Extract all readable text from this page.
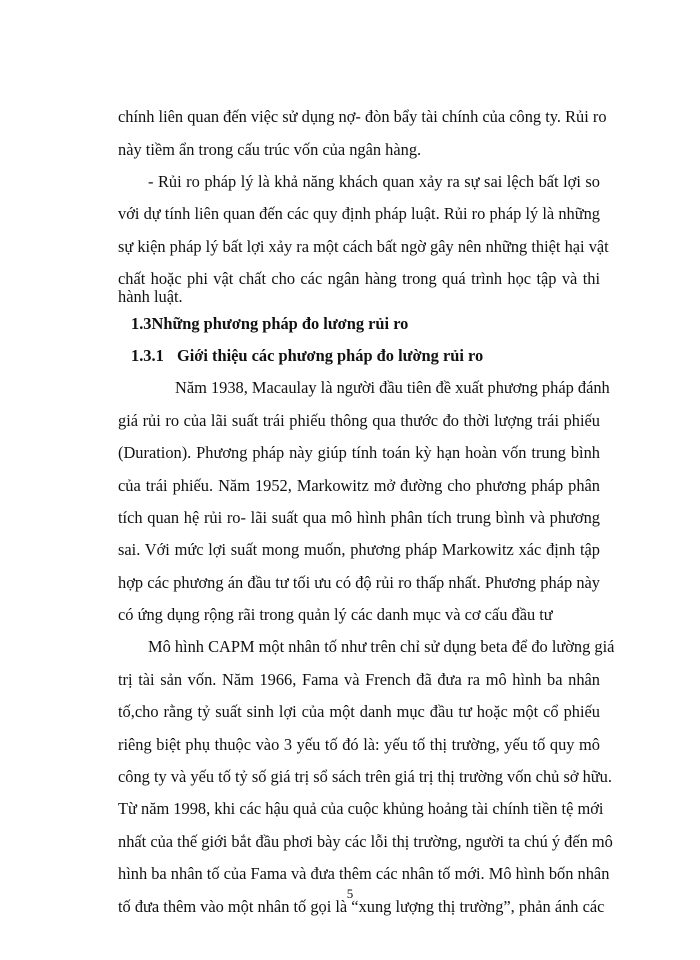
chính liên quan đến việc sử dụng nợ- đòn bẩy tài chính của công ty. Rủi ro
này tiềm ẩn trong cấu trúc vốn của ngân hàng.
- Rủi ro pháp lý là khả năng khách quan xảy ra sự sai lệch bất lợi so
với dự tính liên quan đến các quy định pháp luật. Rủi ro pháp lý là những
sự kiện pháp lý bất lợi xảy ra một cách bất ngờ gây nên những thiệt hại vật
chất hoặc phi vật chất cho các ngân hàng trong quá trình học tập và thi
hành luật.
1.3Những phương pháp đo lương rủi ro
1.3.1 Giới thiệu các phương pháp đo lường rủi ro
Năm 1938, Macaulay là người đầu tiên đề xuất phương pháp đánh
giá rủi ro của lãi suất trái phiếu thông qua thước đo thời lượng trái phiếu
(Duration). Phương pháp này giúp tính toán kỳ hạn hoàn vốn trung bình
của trái phiếu. Năm 1952, Markowitz mở đường cho phương pháp phân
tích quan hệ rủi ro- lãi suất qua mô hình phân tích trung bình và phương
sai. Với mức lợi suất mong muốn, phương pháp Markowitz xác định tập
hợp các phương án đầu tư tối ưu có độ rủi ro thấp nhất. Phương pháp này
có ứng dụng rộng rãi trong quản lý các danh mục và cơ cấu đầu tư
Mô hình CAPM một nhân tố như trên chỉ sử dụng beta để đo lường giá
trị tài sản vốn. Năm 1966, Fama và French đã đưa ra mô hình ba nhân
tố,cho rằng tỷ suất sinh lợi của một danh mục đầu tư hoặc một cổ phiếu
riêng biệt phụ thuộc vào 3 yếu tố đó là: yếu tố thị trường, yếu tố quy mô
công ty và yếu tố tỷ số giá trị sổ sách trên giá trị thị trường vốn chủ sở hữu.
Từ năm 1998, khi các hậu quả của cuộc khủng hoảng tài chính tiền tệ mới
nhất của thế giới bắt đầu phơi bày các lỗi thị trường, người ta chú ý đến mô
hình ba nhân tố của Fama và đưa thêm các nhân tố mới. Mô hình bốn nhân
tố đưa thêm vào một nhân tố gọi là “xung lượng thị trường”, phản ánh các
5
